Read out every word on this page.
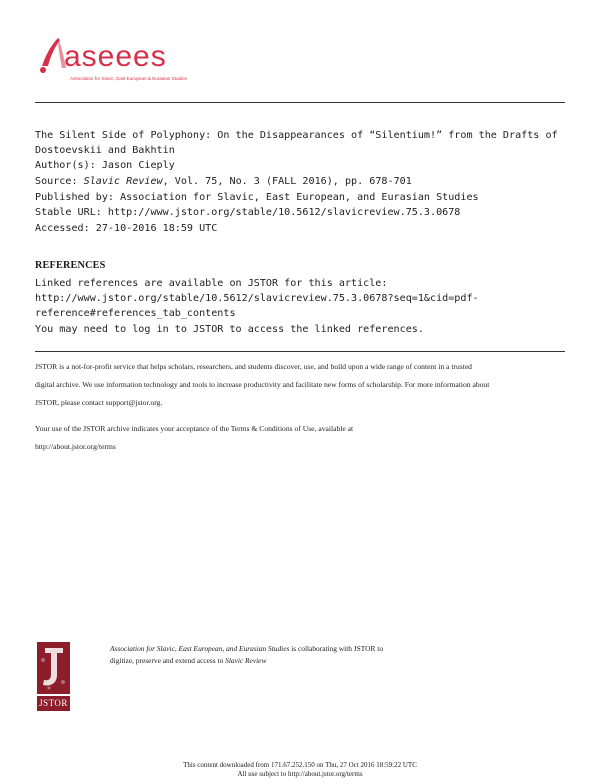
aseees
Association for Slavic, East European & Eurasian Studies
The Silent Side of Polyphony: On the Disappearances of “Silentium!” from the Drafts of
Dostoevskii and Bakhtin
Author(s): Jason Cieply
Source: Slavic Review, Vol. 75, No. 3 (FALL 2016), pp. 678-701
Published by: Association for Slavic, East European, and Eurasian Studies
Stable URL: http://www.jstor.org/stable/10.5612/slavicreview.75.3.0678
Accessed: 27-10-2016 18:59 UTC
REFERENCES
Linked references are available on JSTOR for this article:
http://www.jstor.org/stable/10.5612/slavicreview.75.3.0678?seq=1&cid=pdf-
reference#references_tab_contents
You may need to log in to JSTOR to access the linked references.
JSTOR is a not-for-profit service that helps scholars, researchers, and students discover, use, and build upon a wide range of content in a trusted
digital archive. We use information technology and tools to increase productivity and facilitate new forms of scholarship. For more information about
JSTOR, please contact support@jstor.org.
Your use of the JSTOR archive indicates your acceptance of the Terms & Conditions of Use, available at
http://about.jstor.org/terms
JSTOR
Association for Slavic, East European, and Eurasian Studies is collaborating with JSTOR to
digitize, preserve and extend access to Slavic Review
This content downloaded from 171.67.252.150 on Thu, 27 Oct 2016 18:59:22 UTC
All use subject to http://about.jstor.org/terms
